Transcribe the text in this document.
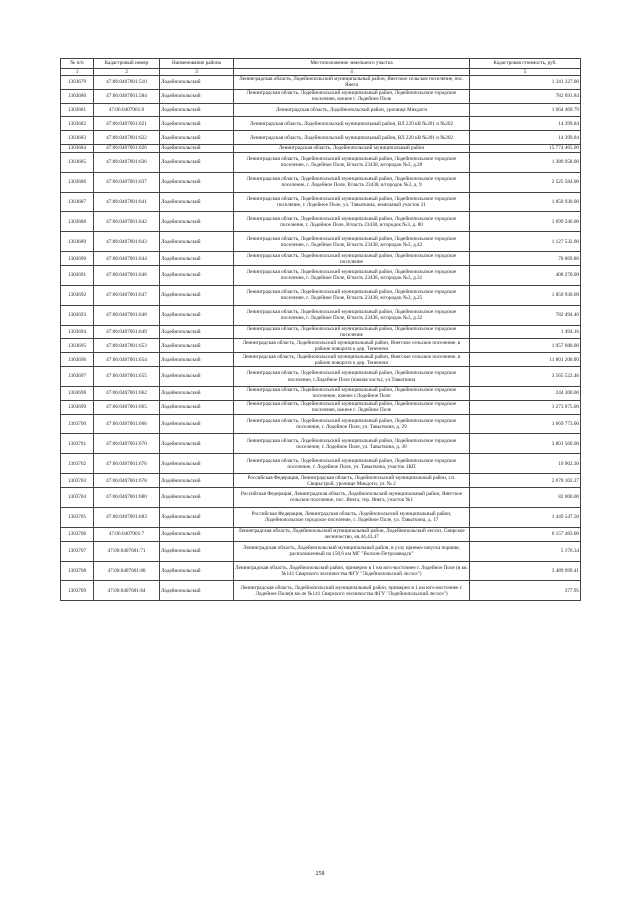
№ п/п	Кадастровый номер	Наименование района	Местоположение земельного участка	Кадастровая стоимость, руб.
1	2	3	4	5
1303679	47:06:0407001:510	Лодейнопольский	Ленинградская область, Лодейнопольский муниципальный район, Янегское сельское поселение, пос. Янега	1 341 327.00
1303680	47:06:0407001:584	Лодейнопольский	Ленинградская область, Лодейнопольский муниципальный район, Лодейнопольское городское поселение, южнее г. Лодейное Поле	782 691.84
1303681	47:06:0407001:6	Лодейнопольский	Ленинградская область, Лодейнопольский район, урочище Микдоги	1 664 469.79
1303682	47:06:0407001:621	Лодейнопольский	Ленинградская область, Лодейнопольский муниципальный район, ВЛ 220 кВ №201 и №202	14 399.84
1303683	47:06:0407001:622	Лодейнопольский	Ленинградская область, Лодейнопольский муниципальный район, ВЛ 220 кВ №201 и №202	14 399.84
1303684	47:06:0407001:626	Лодейнопольский	Ленинградская область, Лодейнопольский муниципальный район	15 774 465.00
1303685	47:06:0407001:636	Лодейнопольский	Ленинградская область, Лодейнопольский муниципальный район, Лодейнопольское городское поселение, г. Лодейное Поле, В/часть 23438, в/городок №3, д.28	1 380 958.00
1303686	47:06:0407001:637	Лодейнопольский	Ленинградская область, Лодейнопольский муниципальный район, Лодейнопольское городское поселение, г. Лодейное Поле, В/часть 23438, в/городок №3, д. 9	2 525 584.00
1303687	47:06:0407001:641	Лодейнопольский	Ленинградская область, Лодейнопольский муниципальный район, Лодейнопольское городское поселение, г. Лодейное Поле, ул. Тавыткина, земельный участок 31	1 850 930.00
1303688	47:06:0407001:642	Лодейнопольский	Ленинградская область, Лодейнопольский муниципальный район, Лодейнопольское городское поселение, г. Лодейное Поле, В/часть 23438, в/городок №3, д. 80	1 699 246.00
1303689	47:06:0407001:643	Лодейнопольский	Ленинградская область, Лодейнопольский муниципальный район, Лодейнопольское городское поселение, г. Лодейное Поле, В/часть 23438, в/городок №3, д.42	1 127 532.00
1303690	47:06:0407001:644	Лодейнопольский	Ленинградская область, Лодейнопольский муниципальный район, Лодейнопольское городское поселение	78 069.86
1303691	47:06:0407001:646	Лодейнопольский	Ленинградская область, Лодейнопольский муниципальный район, Лодейнопольское городское поселение, г. Лодейное Поле, В/часть 23438, в/городок №3, д.31	408 270.00
1303692	47:06:0407001:647	Лодейнопольский	Ленинградская область, Лодейнопольский муниципальный район, Лодейнопольское городское поселение, г. Лодейное Поле, В/часть 23438, в/городок №3, д.25	1 850 930.00
1303693	47:06:0407001:648	Лодейнопольский	Ленинградская область, Лодейнопольский муниципальный район, Лодейнопольское городское поселение, г. Лодейное Поле, В/часть 23438, в/городок №3, д.32	782 494.40
1303694	47:06:0407001:649	Лодейнопольский	Ленинградская область, Лодейнопольский муниципальный район, Лодейнопольское городское поселение	1 494.16
1303695	47:06:0407001:653	Лодейнопольский	Ленинградская область, Лодейнопольский муниципальный район, Янегское сельское поселение, в районе поворота к дер. Тененичи	1 957 680.00
1303696	47:06:0407001:654	Лодейнопольский	Ленинградская область, Лодейнопольский муниципальный район, Янегское сельское поселение, в районе поворота к дер. Тененичи	11 801 200.00
1303697	47:06:0407001:655	Лодейнопольский	Ленинградская область, Лодейнопольский муниципальный район, Лодейнопольское городское поселение, г.Лодейное Поле (южная часть), ул.Тавыткина	3 565 522.46
1303698	47:06:0407001:662	Лодейнопольский	Ленинградская область, Лодейнопольский муниципальный район, Лодейнопольское городское поселение, южнее г.Лодейное Поле	244 300.00
1303699	47:06:0407001:665	Лодейнопольский	Ленинградская область, Лодейнопольский муниципальный район, Лодейнопольское городское поселение, южнее г. Лодейное Поле	1 273 075.00
1303700	47:06:0407001:666	Лодейнопольский	Ленинградская область, Лодейнопольский муниципальный район, Лодейнопольское городское поселение, г. Лодейное Поле, ул. Тавыткина, д. 29	1 669 773.00
1303701	47:06:0407001:670	Лодейнопольский	Ленинградская область, Лодейнопольский муниципальный район, Лодейнопольское городское поселение, г. Лодейное Поле, ул. Тавыткина, д. 30	3 801 560.00
1303702	47:06:0407001:676	Лодейнопольский	Ленинградская область, Лодейнопольский муниципальный район, Лодейнопольское городское поселение, г. Лодейное Поле, ул. Тавыткина, участок 1КП	10 902.30
1303703	47:06:0407001:678	Лодейнопольский	Российская Федерация, Ленинградская область, Лодейнопольский муниципальный район, г.п. Свирьстрой, урочище Микдоги, ул. № 2	2 078 102.27
1303704	47:06:0407001:680	Лодейнопольский	Российская Федерация, Ленинградская область, Лодейнопольский муниципальный район, Янегское сельское поселение, пос. Янега, тер. Янега, участок №1	82 000.00
1303705	47:06:0407001:683	Лодейнопольский	Российская Федерация, Ленинградская область, Лодейнопольский муниципальный район, Лодейнопольское городское поселение, г. Лодейное Поле, ул. Тавыткина, д. 17	1 449 547.50
1303706	47:06:0407001:7	Лодейнопольский	Ленинградская область, Лодейнопольский муниципальный район, Лодейнопольский лесхоз, Свирское лесничество, кв.44,43,47	6 157 483.00
1303707	47:06:0407001:71	Лодейнопольский	Ленинградская область, Лодейнопольский муниципальный район, в ухзу приема-запуска поршня, расположенный на 150,6 км МГ "Волхов-Петрозаводск"	5 176.34
1303708	47:06:0407001:80	Лодейнопольский	Ленинградская область, Лодейнопольский район, примерно в 1 км юго-восточнее г. Лодейное Поле (в кв. №141 Свирского лесничества ФГУ "Лодейнопольский лесхоз")	3 489 099.41
1303709	47:06:0407001:84	Лодейнопольский	Ленинградская область, Лодейнопольский муниципальный район, примерно в 1 км юго-восточнее г. Лодейное Поле(в кв-ле №141 Свирского лесничества ФГУ "Лодейнопольский лесхоз")	377.95
258
